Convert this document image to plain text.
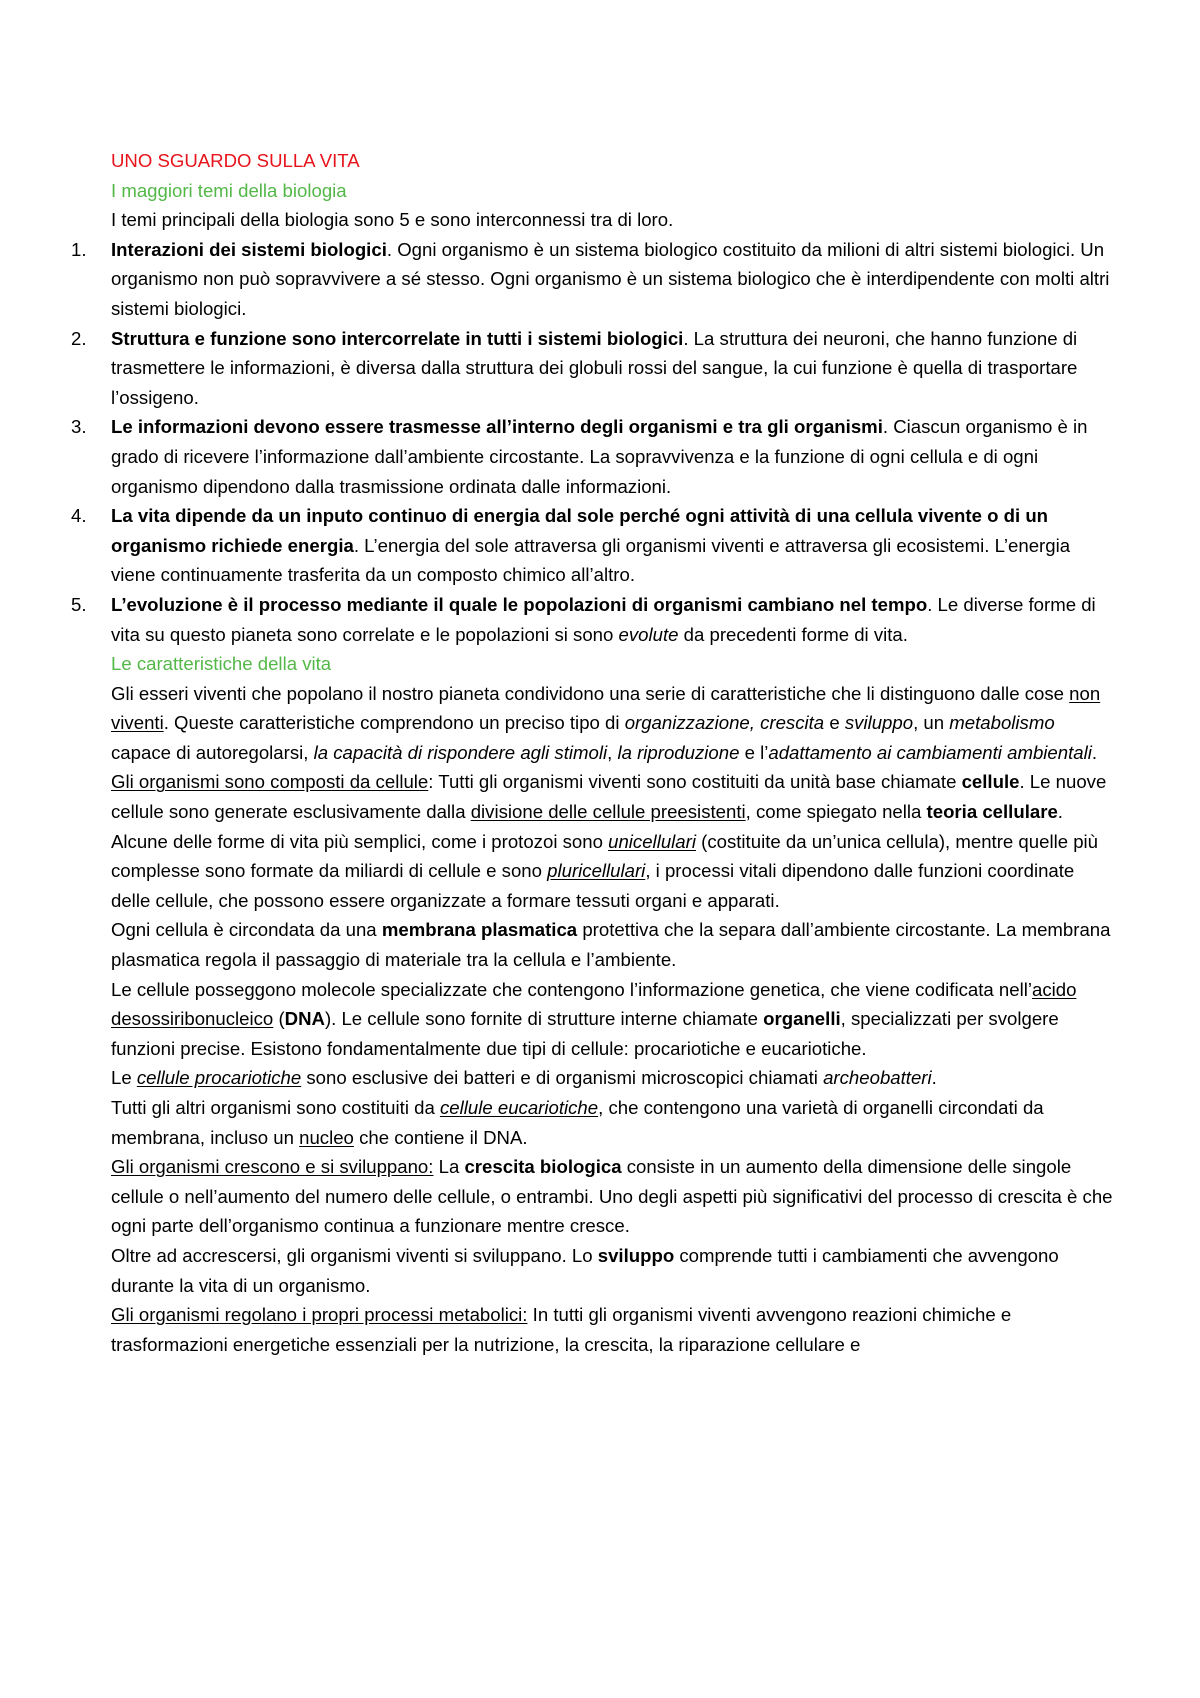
UNO SGUARDO SULLA VITA

I maggiori temi della biologia

I temi principali della biologia sono 5 e sono interconnessi tra di loro.

1. Interazioni dei sistemi biologici. Ogni organismo è un sistema biologico costituito da milioni di altri sistemi biologici. Un organismo non può sopravvivere a sé stesso. Ogni organismo è un sistema biologico che è interdipendente con molti altri sistemi biologici.
2. Struttura e funzione sono intercorrelate in tutti i sistemi biologici. La struttura dei neuroni, che hanno funzione di trasmettere le informazioni, è diversa dalla struttura dei globuli rossi del sangue, la cui funzione è quella di trasportare l’ossigeno.
3. Le informazioni devono essere trasmesse all’interno degli organismi e tra gli organismi. Ciascun organismo è in grado di ricevere l’informazione dall’ambiente circostante. La sopravvivenza e la funzione di ogni cellula e di ogni organismo dipendono dalla trasmissione ordinata dalle informazioni.
4. La vita dipende da un inputo continuo di energia dal sole perché ogni attività di una cellula vivente o di un organismo richiede energia. L’energia del sole attraversa gli organismi viventi e attraversa gli ecosistemi. L’energia viene continuamente trasferita da un composto chimico all’altro.
5. L’evoluzione è il processo mediante il quale le popolazioni di organismi cambiano nel tempo. Le diverse forme di vita su questo pianeta sono correlate e le popolazioni si sono evolute da precedenti forme di vita.

Le caratteristiche della vita

Gli esseri viventi che popolano il nostro pianeta condividono una serie di caratteristiche che li distinguono dalle cose non viventi. Queste caratteristiche comprendono un preciso tipo di organizzazione, crescita e sviluppo, un metabolismo capace di autoregolarsi, la capacità di rispondere agli stimoli, la riproduzione e l’adattamento ai cambiamenti ambientali.

Gli organismi sono composti da cellule: Tutti gli organismi viventi sono costituiti da unità base chiamate cellule. Le nuove cellule sono generate esclusivamente dalla divisione delle cellule preesistenti, come spiegato nella teoria cellulare.

Alcune delle forme di vita più semplici, come i protozoi sono unicellulari (costituite da un’unica cellula), mentre quelle più complesse sono formate da miliardi di cellule e sono pluricellulari, i processi vitali dipendono dalle funzioni coordinate delle cellule, che possono essere organizzate a formare tessuti organi e apparati.

Ogni cellula è circondata da una membrana plasmatica protettiva che la separa dall’ambiente circostante. La membrana plasmatica regola il passaggio di materiale tra la cellula e l’ambiente.

Le cellule posseggono molecole specializzate che contengono l’informazione genetica, che viene codificata nell’acido desossiribonucleico (DNA). Le cellule sono fornite di strutture interne chiamate organelli, specializzati per svolgere funzioni precise. Esistono fondamentalmente due tipi di cellule: procariotiche e eucariotiche.

Le cellule procariotiche sono esclusive dei batteri e di organismi microscopici chiamati archeobatteri.

Tutti gli altri organismi sono costituiti da cellule eucariotiche, che contengono una varietà di organelli circondati da membrana, incluso un nucleo che contiene il DNA.

Gli organismi crescono e si sviluppano: La crescita biologica consiste in un aumento della dimensione delle singole cellule o nell’aumento del numero delle cellule, o entrambi. Uno degli aspetti più significativi del processo di crescita è che ogni parte dell’organismo continua a funzionare mentre cresce.

Oltre ad accrescersi, gli organismi viventi si sviluppano. Lo sviluppo comprende tutti i cambiamenti che avvengono durante la vita di un organismo.

Gli organismi regolano i propri processi metabolici: In tutti gli organismi viventi avvengono reazioni chimiche e trasformazioni energetiche essenziali per la nutrizione, la crescita, la riparazione cellulare e
